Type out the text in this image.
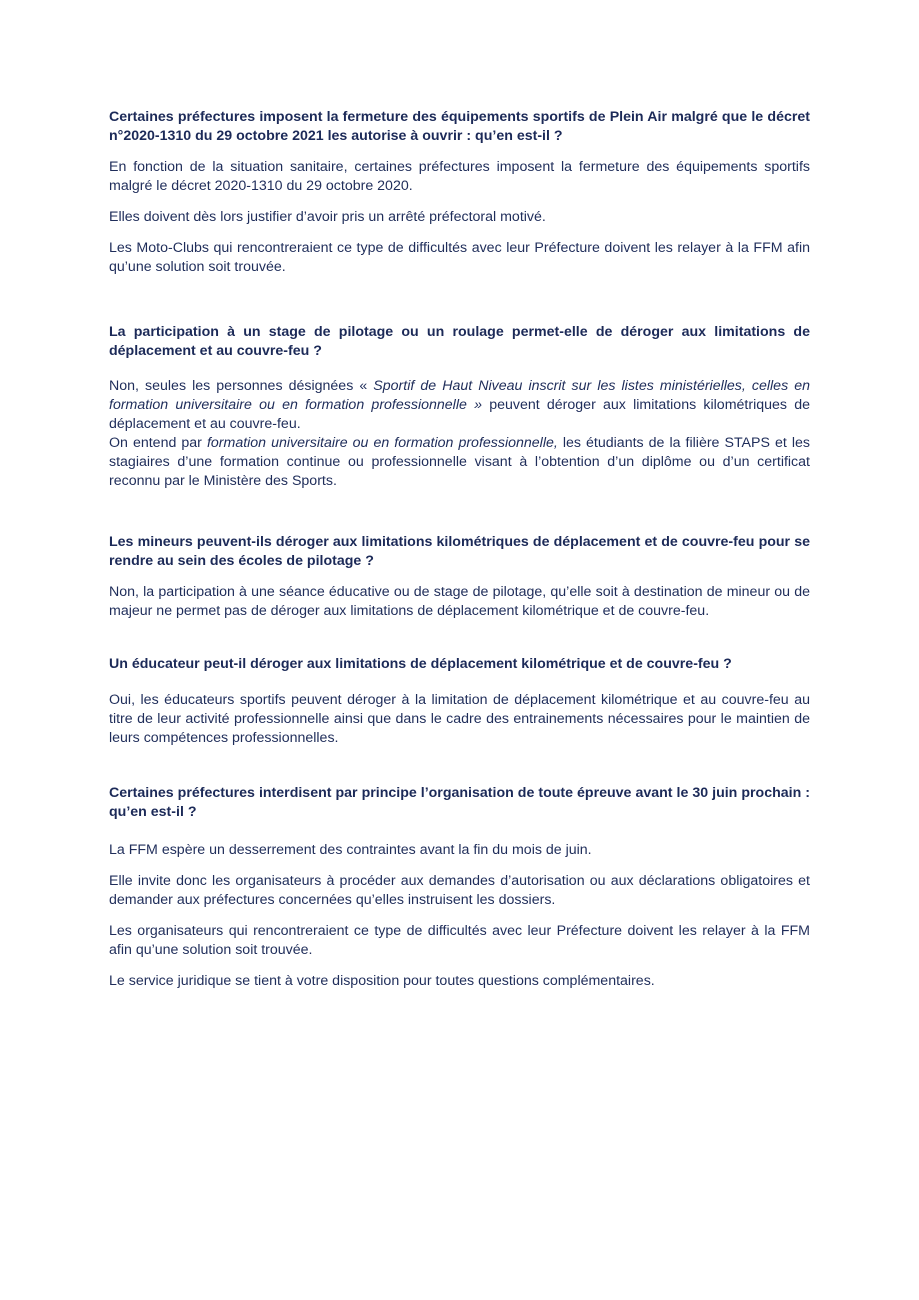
Certaines préfectures imposent la fermeture des équipements sportifs de Plein Air malgré que le décret n°2020-1310 du 29 octobre 2021 les autorise à ouvrir : qu’en est-il ?

En fonction de la situation sanitaire, certaines préfectures imposent la fermeture des équipements sportifs malgré le décret 2020-1310 du 29 octobre 2020.

Elles doivent dès lors justifier d’avoir pris un arrêté préfectoral motivé.

Les Moto-Clubs qui rencontreraient ce type de difficultés avec leur Préfecture doivent les relayer à la FFM afin qu’une solution soit trouvée.

La participation à un stage de pilotage ou un roulage permet-elle de déroger aux limitations de déplacement et au couvre-feu ?

Non, seules les personnes désignées « Sportif de Haut Niveau inscrit sur les listes ministérielles, celles en formation universitaire ou en formation professionnelle » peuvent déroger aux limitations kilométriques de déplacement et au couvre-feu.

On entend par formation universitaire ou en formation professionnelle, les étudiants de la filière STAPS et les stagiaires d’une formation continue ou professionnelle visant à l’obtention d’un diplôme ou d’un certificat reconnu par le Ministère des Sports.

Les mineurs peuvent-ils déroger aux limitations kilométriques de déplacement et de couvre-feu pour se rendre au sein des écoles de pilotage ?

Non, la participation à une séance éducative ou de stage de pilotage, qu’elle soit à destination de mineur ou de majeur ne permet pas de déroger aux limitations de déplacement kilométrique et de couvre-feu.

Un éducateur peut-il déroger aux limitations de déplacement kilométrique et de couvre-feu ?

Oui, les éducateurs sportifs peuvent déroger à la limitation de déplacement kilométrique et au couvre-feu au titre de leur activité professionnelle ainsi que dans le cadre des entrainements nécessaires pour le maintien de leurs compétences professionnelles.

Certaines préfectures interdisent par principe l’organisation de toute épreuve avant le 30 juin prochain : qu’en est-il ?

La FFM espère un desserrement des contraintes avant la fin du mois de juin.

Elle invite donc les organisateurs à procéder aux demandes d’autorisation ou aux déclarations obligatoires et demander aux préfectures concernées qu’elles instruisent les dossiers.

Les organisateurs qui rencontreraient ce type de difficultés avec leur Préfecture doivent les relayer à la FFM afin qu’une solution soit trouvée.

Le service juridique se tient à votre disposition pour toutes questions complémentaires.
